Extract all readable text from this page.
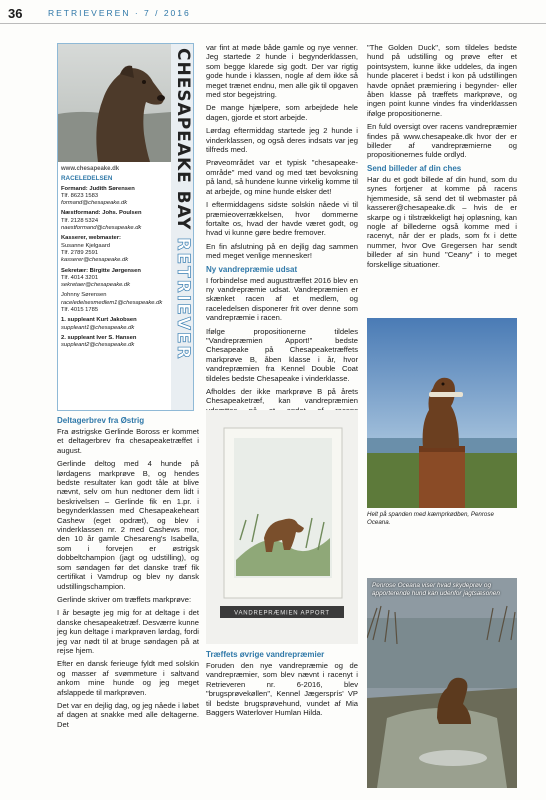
36	RETRIEVEREN · 7 / 2016
CHESAPEAKE BAY RETRIEVER

www.chesapeake.dk

RACELEDELSEN

Formand: Judith Sørensen
Tlf. 8623 1583
formand@chesapeake.dk

Næstformand: Johs. Poulsen
Tlf. 2128 5324
naestformand@chesapeake.dk

Kasserer, webmaster:
Susanne Kjelgaard
Tlf. 2789 2591
kasserer@chesapeake.dk

Sekretær: Birgitte Jørgensen
Tlf. 4014 3201
sekretaer@chesapeake.dk

Johnny Sørensen
raceledelsesmedlem1@chesapeake.dk
Tlf. 4015 1785

1. suppleant Kurt Jakobsen
suppleant1@chesapeake.dk

2. suppleant Iver S. Hansen
suppleant2@chesapeake.dk

Deltagerbrev fra Østrig

Fra østrigske Gerlinde Boross er kommet et deltagerbrev fra chesapeaketræffet i august.

Gerlinde deltog med 4 hunde på lørdagens markprøve B, og hendes bedste resultater kan godt tåle at blive nævnt, selv om hun nedtoner dem lidt i beskrivelsen – Gerlinde fik en 1.pr. i begynderklassen med Chesapeakeheart Cashew (eget opdræt), og blev i vinderklassen nr. 2 med Cashews mor, den 10 år gamle Chesareng's Isabella, som i forvejen er østrigsk dobbeltchampion (jagt og udstilling), og som søndagen før det danske træf fik certifikat i Vamdrup og blev ny dansk udstillingschampion.

Gerlinde skriver om træffets markprøve:

I år besøgte jeg mig for at deltage i det danske chesapeaketræf. Desværre kunne jeg kun deltage i markprøven lørdag, fordi jeg var nødt til at bruge søndagen på at rejse hjem.

Efter en dansk ferieuge fyldt med solskin og masser af svømmeture i saltvand ankom mine hunde og jeg meget afslappede til markprøven.

Det var en dejlig dag, og jeg nåede i løbet af dagen at snakke med alle deltagerne. Det

var fint at møde både gamle og nye venner. Jeg startede 2 hunde i begynderklassen, som begge klarede sig godt. Der var rigtig gode hunde i klassen, nogle af dem ikke så meget trænet endnu, men alle gik til opgaven med stor begejstring.

De mange hjælpere, som arbejdede hele dagen, gjorde et stort arbejde.

Lørdag eftermiddag startede jeg 2 hunde i vinderklassen, og også deres indsats var jeg tilfreds med.

Prøveområdet var et typisk "chesapeake-område" med vand og med tæt bevoksning på land, så hundene kunne virkelig komme til at arbejde, og mine hunde elsker det!

I eftermiddagens sidste solskin nåede vi til præmieoverrækkelsen, hvor dommerne fortalte os, hvad der havde været godt, og hvad vi kunne gøre bedre fremover.

En fin afslutning på en dejlig dag sammen med meget venlige mennesker!

Ny vandrepræmie udsat

I forbindelse med augusttræffet 2016 blev en ny vandrepræmie udsat. Vandrepræmien er skænket racen af et medlem, og raceledelsen disponerer frit over denne som vandrepræmie i racen.

Ifølge propositionerne tildeles "Vandrepræmien Apport!" bedste Chesapeake på Chesapeaketræffets markprøve B, åben klasse i år, hvor vandrepræmien fra Kennel Double Coat tildeles bedste Chesapeake i vinderklasse.

Afholdes der ikke markprøve B på årets Chesapeaketræf, kan vandrepræmien

VANDREPRÆMIEN APPORT
Træffets øvrige vandrepræmier

Foruden den nye vandrepræmie og de vandrepræmier, som blev nævnt i racenyt i Retrieveren nr. 6-2016, blev "brugsprøvekøllen", Kennel Jægersprís' VP til bedste brugsprøvehund, vundet af Mia Baggers Waterlover Humlan Hilda.

"The Golden Duck", som tildeles bedste hund på udstilling og prøve efter et pointsystem, kunne ikke uddeles, da ingen hunde placeret i bedst i kon på udstillingen havde opnået præmiering i begynder- eller åben klasse på træffets markprøve, og ingen point kunne vindes fra vinderklassen ifølge propositionerne.

En fuld oversigt over racens vandrepræmier findes på www.chesapeake.dk hvor der er billeder af vandrepræmierne og propositionernes fulde ordlyd.

Send billeder af din ches

Har du et godt billede af din hund, som du synes fortjener at komme på racens hjemmeside, så send det til webmaster på kasserer@chesapeake.dk – hvis de er skarpe og i tilstrækkeligt høj opløsning, kan nogle af billederne også komme med i racenyt, når der er plads, som fx i dette nummer, hvor Ove Gregersen har sendt billeder af sin hund "Ceany" i to meget forskellige situationer.

Helt på spanden med kæmprkødben, Penrose Oceana.
Penrose Oceana viser hvad skydeprøv og apporterende hund kan udenfor jagtsæsonen
